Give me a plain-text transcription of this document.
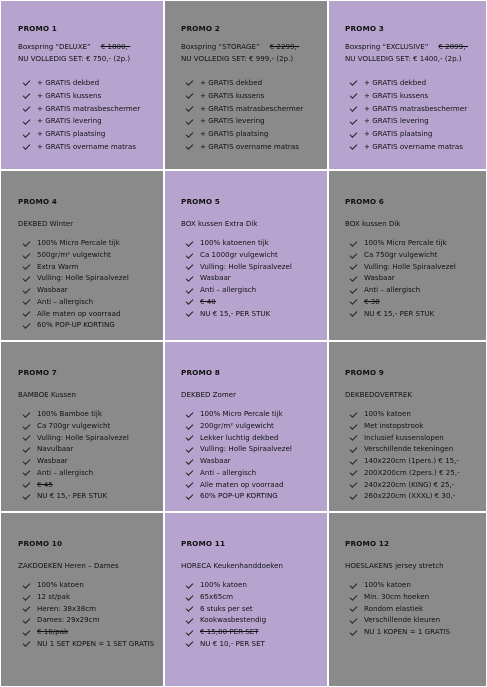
PROMO 1
Boxspring “DELUXE” € 1800,-
NU VOLLEDIG SET: € 750,- (2p.)
+ GRATIS dekbed
+ GRATIS kussens
+ GRATIS matrasbeschermer
+ GRATIS levering
+ GRATIS plaatsing
+ GRATIS overname matras
PROMO 2
Boxspring “STORAGE” € 2299,-
NU VOLLEDIG SET: € 999,- (2p.)
+ GRATIS dekbed
+ GRATIS kussens
+ GRATIS matrasbeschermer
+ GRATIS levering
+ GRATIS plaatsing
+ GRATIS overname matras
PROMO 3
Boxspring “EXCLUSIVE” € 2899,-
NU VOLLEDIG SET: € 1400,- (2p.)
+ GRATIS dekbed
+ GRATIS kussens
+ GRATIS matrasbeschermer
+ GRATIS levering
+ GRATIS plaatsing
+ GRATIS overname matras
PROMO 4
DEKBED Winter
100% Micro Percale tijk
500gr/m² vulgewicht
Extra Warm
Vulling: Holle Spiraalvezel
Wasbaar
Anti – allergisch
Alle maten op voorraad
60% POP-UP KORTING
PROMO 5
BOX kussen Extra Dik
100% katoenen tijk
Ca 1000gr vulgewicht
Vulling: Holle Spiraalvezel
Wasbaar
Anti – allergisch
€ 40
NU € 15,- PER STUK
PROMO 6
BOX kussen Dik
100% Micro Percale tijk
Ca 750gr vulgewicht
Vulling: Holle Spiraalvezel
Wasbaar
Anti – allergisch
€ 30
NU € 15,- PER STUK
PROMO 7
BAMBOE Kussen
100% Bamboe tijk
Ca 700gr vulgewicht
Vulling: Holle Spiraalvezel
Navulbaar
Wasbaar
Anti – allergisch
€ 45
NU € 15,- PER STUK
PROMO 8
DEKBED Zomer
100% Micro Percale tijk
200gr/m² vulgewicht
Lekker luchtig dekbed
Vulling: Holle Spiraalvezel
Wasbaar
Anti – allergisch
Alle maten op voorraad
60% POP-UP KORTING
PROMO 9
DEKBEDOVERTREK
100% katoen
Met instopstrook
Inclusief kussenslopen
Verschillende tekeningen
140x220cm (1pers.) € 15,-
200X200cm (2pers.) € 25,-
240x220cm (KING) € 25,-
260x220cm (XXXL) € 30,-
PROMO 10
ZAKDOEKEN Heren – Dames
100% katoen
12 st/pak
Heren: 38x38cm
Dames: 29x29cm
€ 10/pak
NU 1 SET KOPEN = 1 SET GRATIS
PROMO 11
HORECA Keukenhanddoeken
100% katoen
65x65cm
6 stuks per set
Kookwasbestendig
€ 15,00 PER SET
NU € 10,- PER SET
PROMO 12
HOESLAKENS jersey stretch
100% katoen
Min. 30cm hoeken
Rondom elastiek
Verschillende kleuren
NU 1 KOPEN = 1 GRATIS
